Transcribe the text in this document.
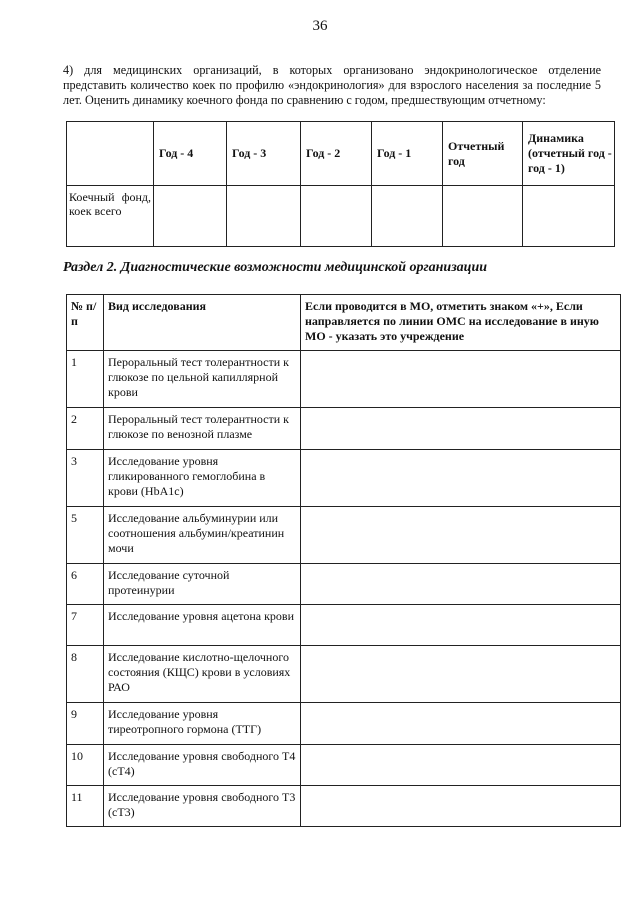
36
4) для медицинских организаций, в которых организовано эндокринологическое отделение представить количество коек по профилю «эндокринология» для взрослого населения за последние 5 лет. Оценить динамику коечного фонда по сравнению с годом, предшествующим отчетному:
	Год - 4	Год - 3	Год - 2	Год - 1	Отчетный год	Динамика (отчетный год - год - 1)
Коечный фонд, коек всего						
Раздел 2. Диагностические возможности медицинской организации
№ п/п	Вид исследования	Если проводится в МО, отметить знаком «+», Если направляется по линии ОМС на исследование в иную МО - указать это учреждение
1	Пероральный тест толерантности к глюкозе по цельной капиллярной крови	
2	Пероральный тест толерантности к глюкозе по венозной плазме	
3	Исследование уровня гликированного гемоглобина в крови (HbA1c)	
5	Исследование альбуминурии или соотношения альбумин/креатинин мочи	
6	Исследование суточной протеинурии	
7	Исследование уровня ацетона крови	
8	Исследование кислотно-щелочного состояния (КЩС) крови в условиях РАО	
9	Исследование уровня тиреотропного гормона (ТТГ)	
10	Исследование уровня свободного Т4 (сТ4)	
11	Исследование уровня свободного Т3 (сТ3)	
